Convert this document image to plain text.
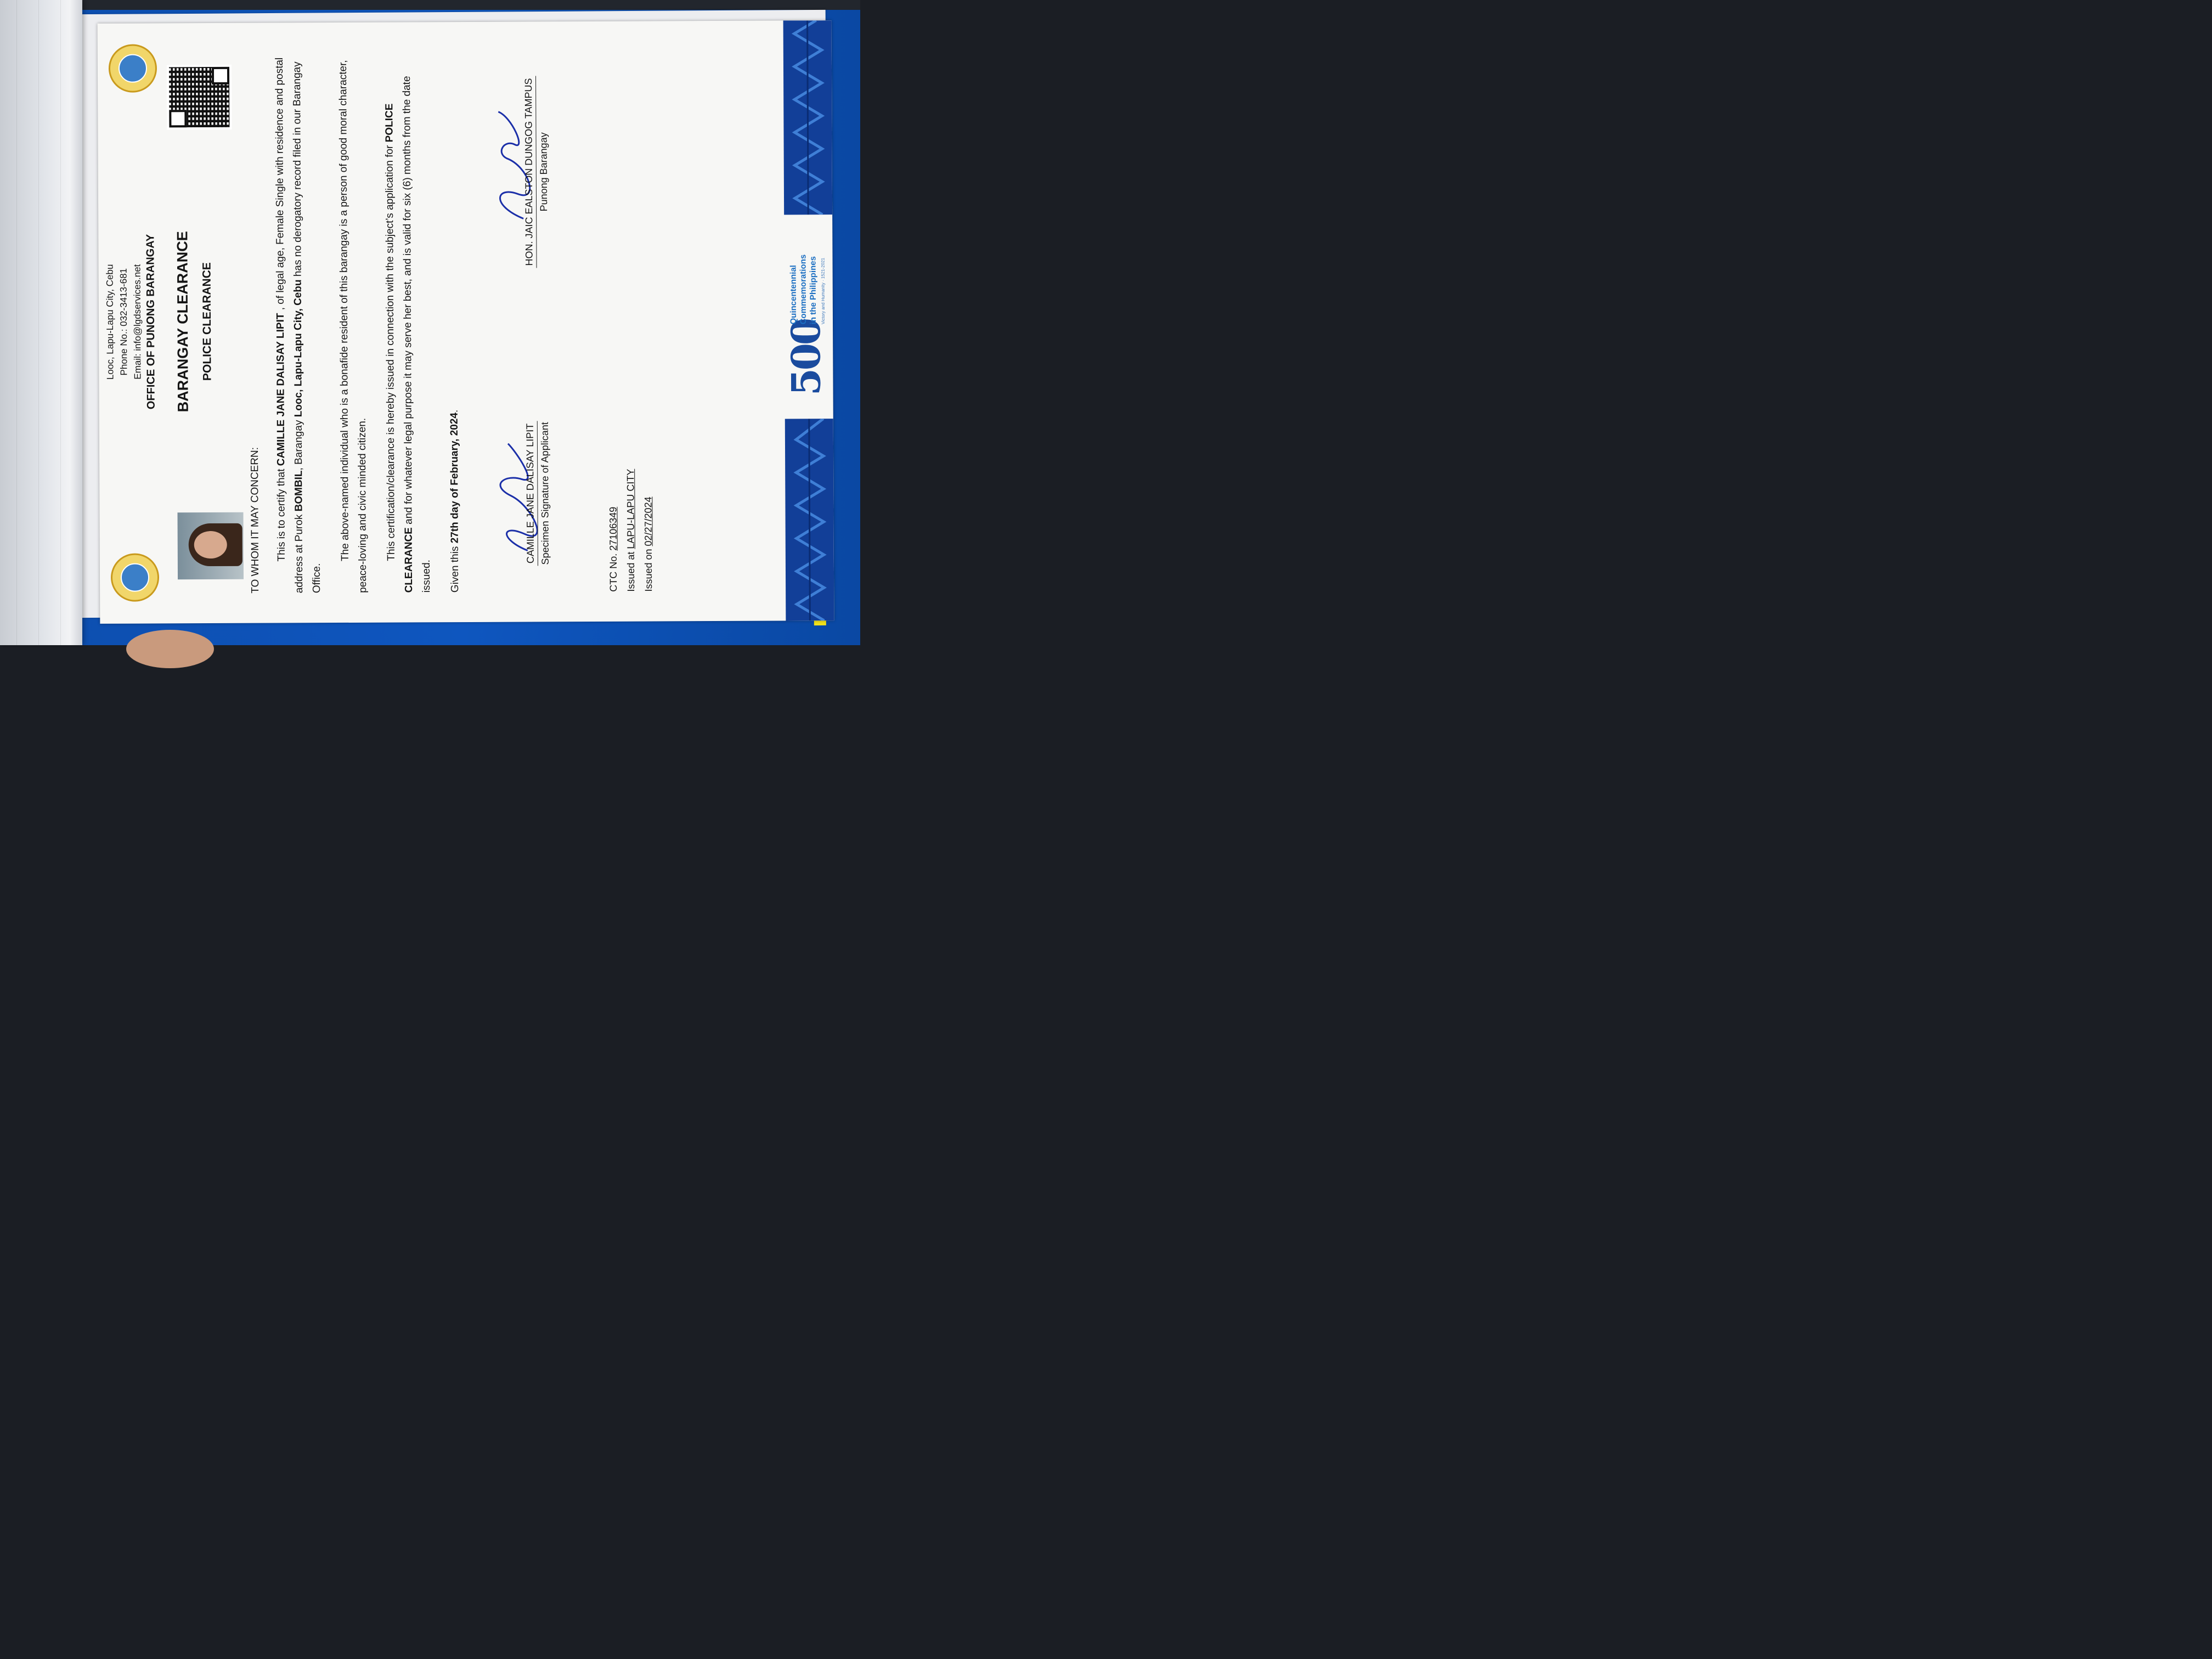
Looc, Lapu-Lapu City, Cebu Phone No.: 032-3413-681 Email: info@lgdservices.net OFFICE OF PUNONG BARANGAY BARANGAY CLEARANCE POLICE CLEARANCE

TO WHOM IT MAY CONCERN:	This is to certify that CAMILLE JANE DALISAY LIPIT , of legal age, Female Single with residence and postal address at Purok BOMBIL, Barangay Looc, Lapu-Lapu City, Cebu has no derogatory record filed in our Barangay Office.

The above-named individual who is a bonafide resident of this barangay is a person of good moral character, peace-loving and civic minded citizen.	This certification/clearance is hereby issued in connection with the subject’s application for POLICE CLEARANCE and for whatever legal purpose it may serve her best, and is valid for six (6) months from the date issued.	Given this 27th day of February, 2024.

CAMILLE JANE DALISAY LIPIT Specimen Signature of Applicant
HON. JAIC EALSTON DUNGOG TAMPUS Punong Barangay
CTC No. 27106349
Issued at LAPU-LAPU CITY
Issued on 02/27/2024
500
Quincentennial Commemorations in the Philippines Victory and Humanity · 1521-2021
